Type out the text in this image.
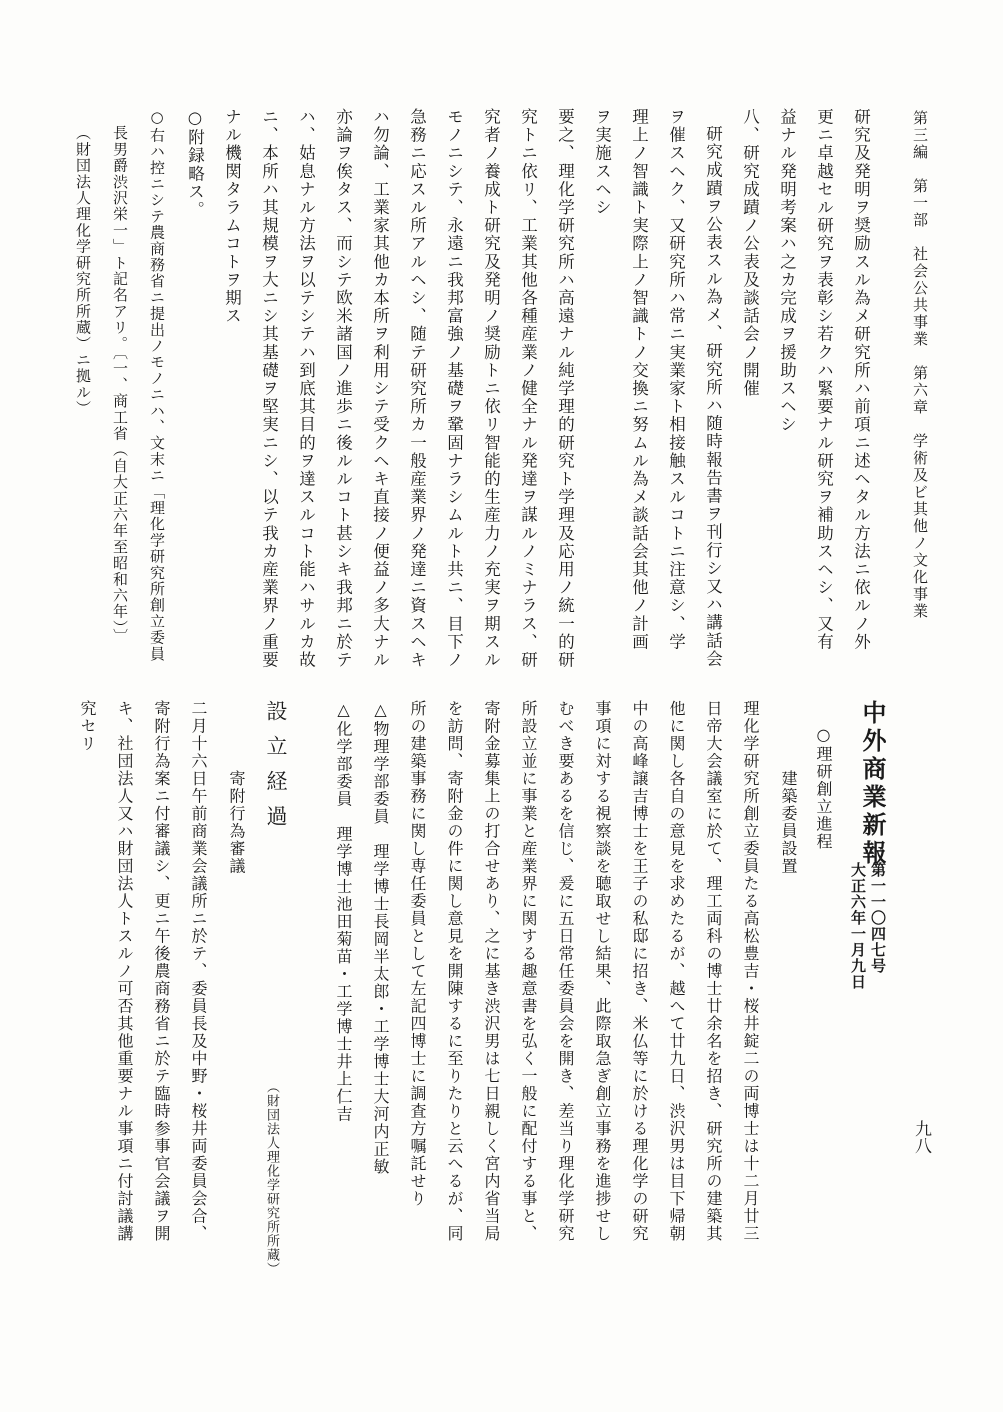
第三編　第一部　社会公共事業　第六章　学術及ビ其他ノ文化事業
九八
研究及発明ヲ奨励スル為メ研究所ハ前項ニ述ヘタル方法ニ依ルノ外
更ニ卓越セル研究ヲ表彰シ若クハ緊要ナル研究ヲ補助スヘシ、又有
益ナル発明考案ハ之カ完成ヲ援助スヘシ
八、研究成蹟ノ公表及談話会ノ開催
研究成蹟ヲ公表スル為メ、研究所ハ随時報告書ヲ刊行シ又ハ講話会
ヲ催スヘク、又研究所ハ常ニ実業家ト相接触スルコトニ注意シ、学
理上ノ智識ト実際上ノ智識トノ交換ニ努ムル為メ談話会其他ノ計画
ヲ実施スヘシ
要之、理化学研究所ハ高遠ナル純学理的研究ト学理及応用ノ統一的研
究トニ依リ、工業其他各種産業ノ健全ナル発達ヲ謀ルノミナラス、研
究者ノ養成ト研究及発明ノ奨励トニ依リ智能的生産力ノ充実ヲ期スル
モノニシテ、永遠ニ我邦富強ノ基礎ヲ鞏固ナラシムルト共ニ、目下ノ
急務ニ応スル所アルヘシ、随テ研究所カ一般産業界ノ発達ニ資スヘキ
ハ勿論、工業家其他カ本所ヲ利用シテ受クヘキ直接ノ便益ノ多大ナル
亦論ヲ俟タス、而シテ欧米諸国ノ進歩ニ後ルルコト甚シキ我邦ニ於テ
ハ、姑息ナル方法ヲ以テシテハ到底其目的ヲ達スルコト能ハサルカ故
ニ、本所ハ其規模ヲ大ニシ其基礎ヲ堅実ニシ、以テ我カ産業界ノ重要
ナル機関タラムコトヲ期ス
○附録略ス。
○右ハ控ニシテ農商務省ニ提出ノモノニハ、文末ニ「理化学研究所創立委員
長男爵渋沢栄一」ト記名アリ。〔一、商工省（自大正六年至昭和六年）〕
（財団法人理化学研究所所蔵）ニ拠ル）
中外商業新報
第一一〇四七号
大正六年一月九日
○理研創立進程
建築委員設置
理化学研究所創立委員たる高松豊吉・桜井錠二の両博士は十二月廿三
日帝大会議室に於て、理工両科の博士廿余名を招き、研究所の建築其
他に関し各自の意見を求めたるが、越へて廿九日、渋沢男は目下帰朝
中の高峰譲吉博士を王子の私邸に招き、米仏等に於ける理化学の研究
事項に対する視察談を聴取せし結果、此際取急ぎ創立事務を進捗せし
むべき要あるを信じ、爰に五日常任委員会を開き、差当り理化学研究
所設立並に事業と産業界に関する趣意書を弘く一般に配付する事と、
寄附金募集上の打合せあり、之に基き渋沢男は七日親しく宮内省当局
を訪問、寄附金の件に関し意見を開陳するに至りたりと云へるが、同
所の建築事務に関し専任委員として左記四博士に調査方嘱託せり
△物理学部委員　理学博士長岡半太郎・工学博士大河内正敏
△化学部委員　理学博士池田菊苗・工学博士井上仁吉
設立経過
（財団法人理化学研究所所蔵）
寄附行為審議
二月十六日午前商業会議所ニ於テ、委員長及中野・桜井両委員会合、
寄附行為案ニ付審議シ、更ニ午後農商務省ニ於テ臨時参事官会議ヲ開
キ、社団法人又ハ財団法人トスルノ可否其他重要ナル事項ニ付討議講
究セリ
